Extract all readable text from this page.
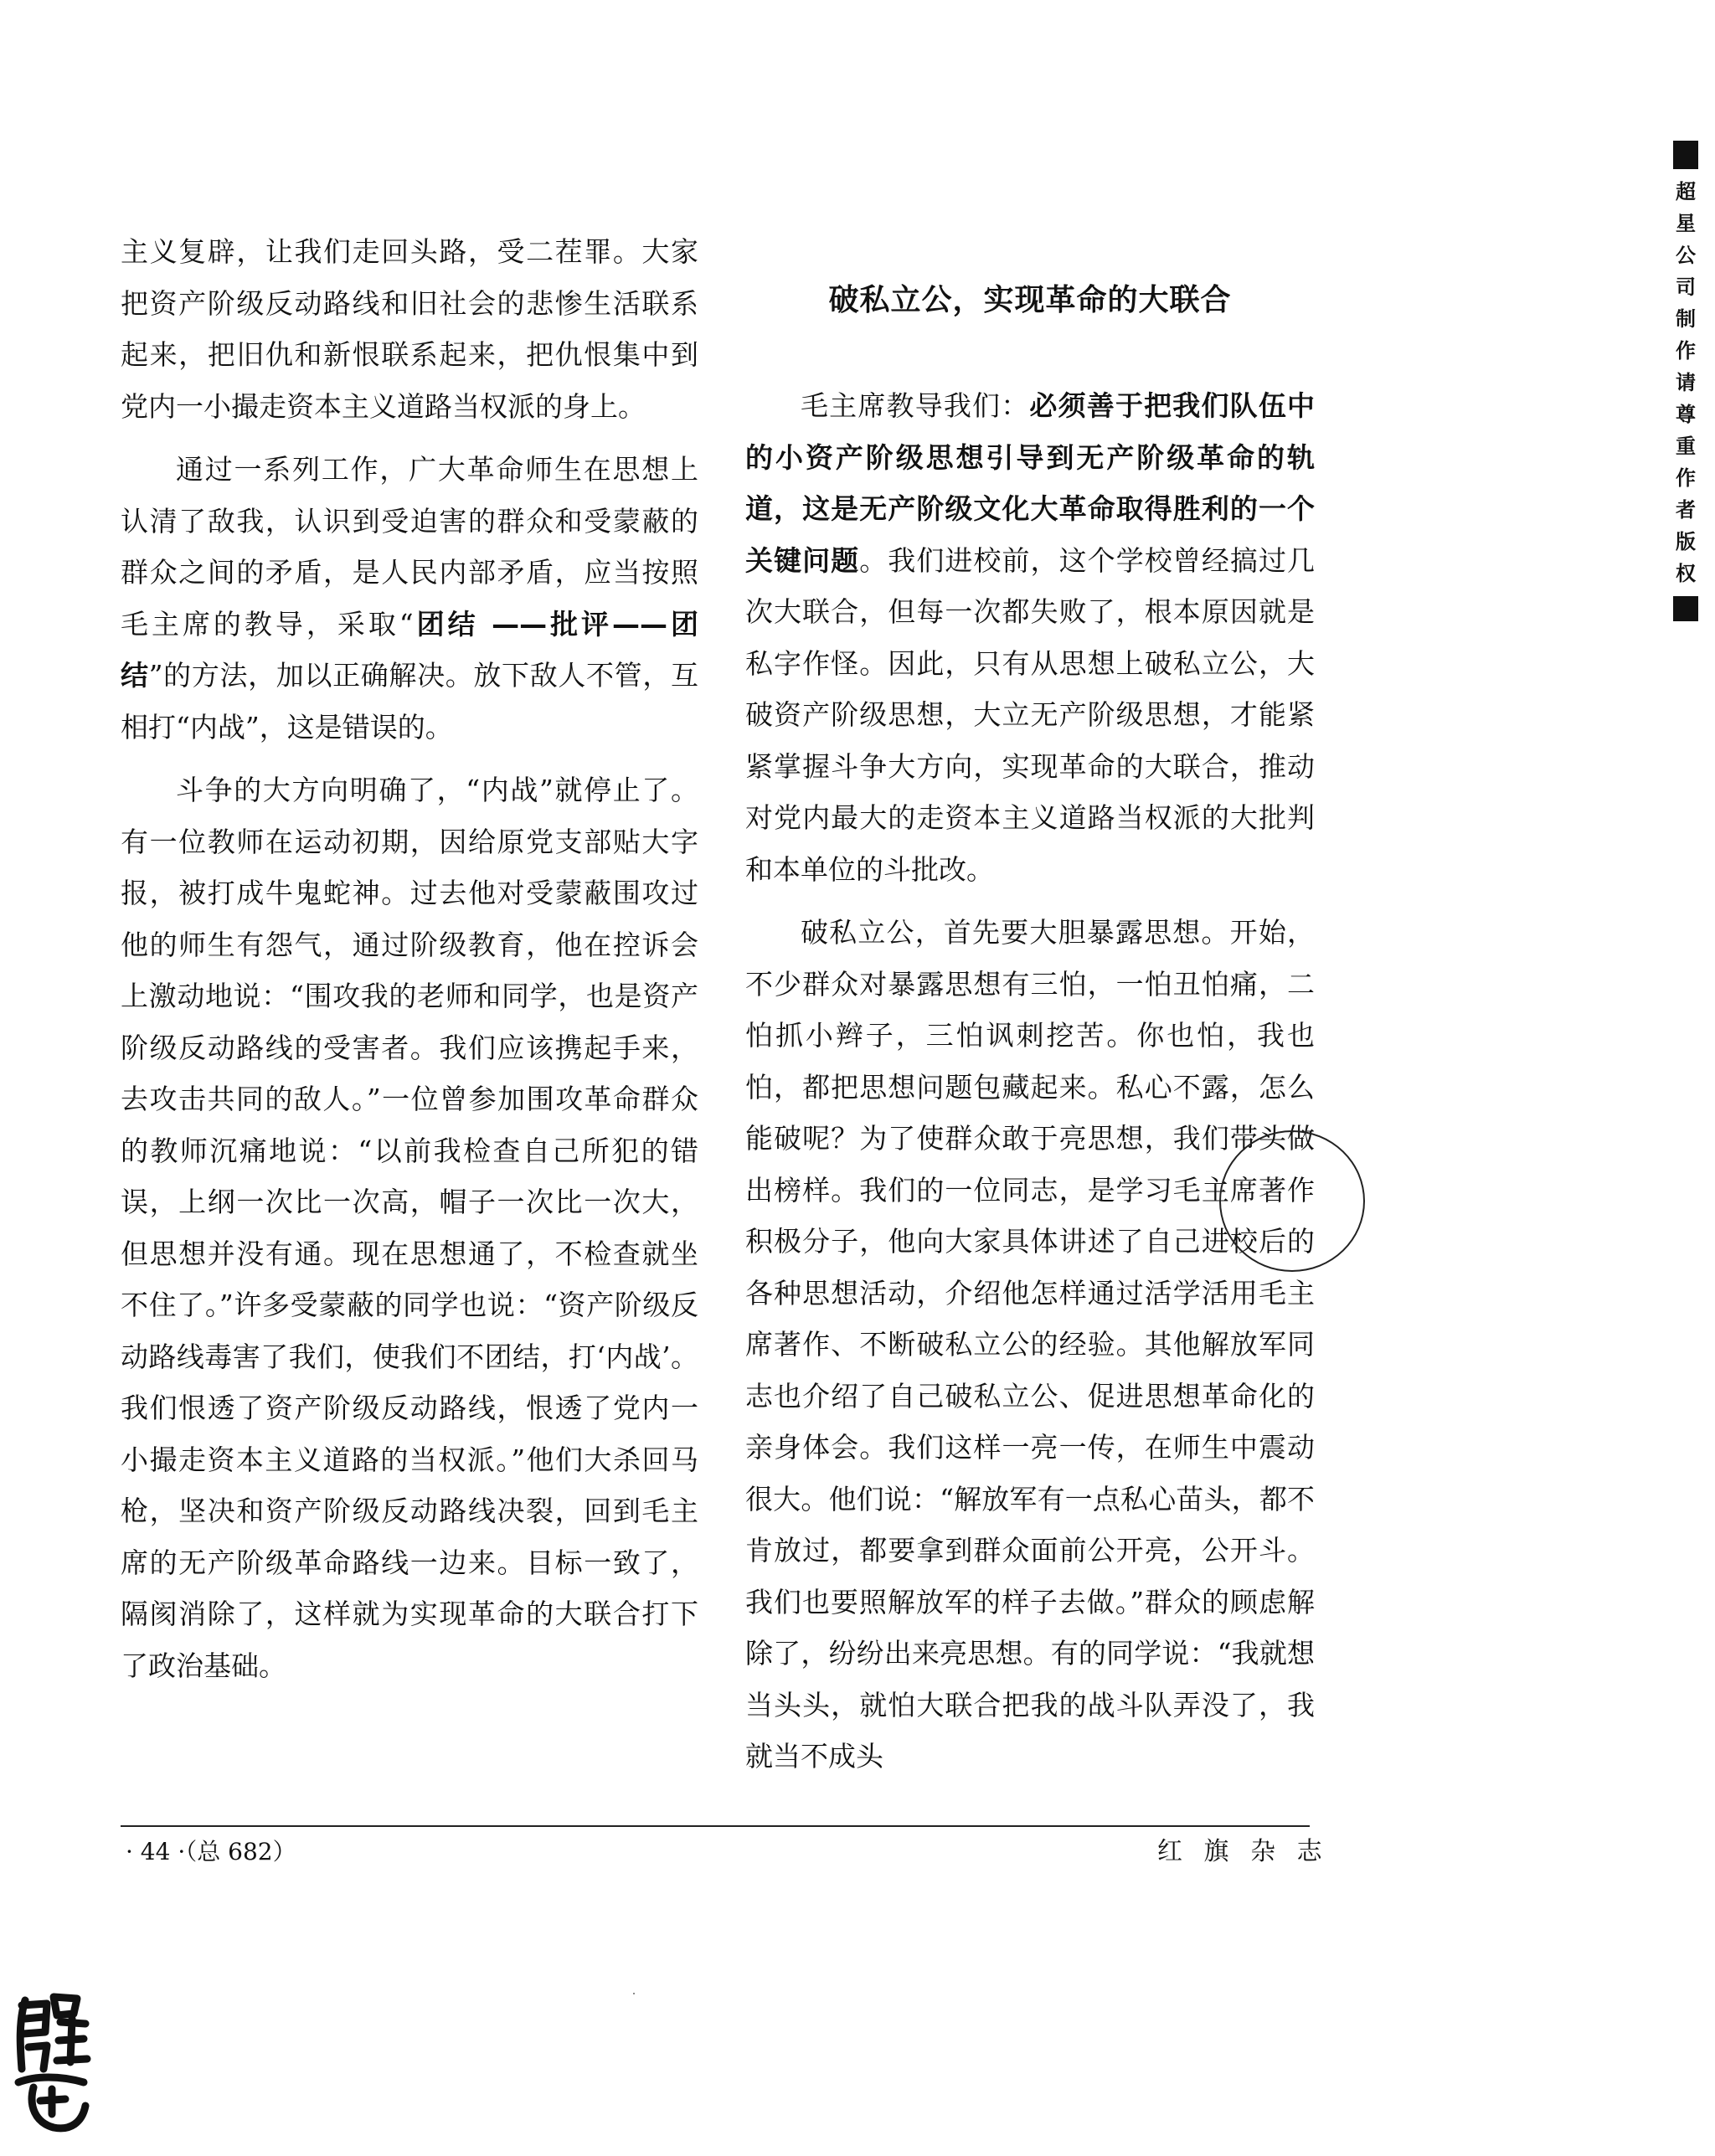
主义复辟，让我们走回头路，受二茬罪。大家把资产阶级反动路线和旧社会的悲惨生活联系起来，把旧仇和新恨联系起来，把仇恨集中到党内一小撮走资本主义道路当权派的身上。

通过一系列工作，广大革命师生在思想上认清了敌我，认识到受迫害的群众和受蒙蔽的群众之间的矛盾，是人民内部矛盾，应当按照毛主席的教导，采取“团结 ——批评——团结”的方法，加以正确解决。放下敌人不管，互相打“内战”，这是错误的。

斗争的大方向明确了，“内战”就停止了。有一位教师在运动初期，因给原党支部贴大字报，被打成牛鬼蛇神。过去他对受蒙蔽围攻过他的师生有怨气，通过阶级教育，他在控诉会上激动地说：“围攻我的老师和同学，也是资产阶级反动路线的受害者。我们应该携起手来，去攻击共同的敌人。”一位曾参加围攻革命群众的教师沉痛地说：“以前我检查自己所犯的错误，上纲一次比一次高，帽子一次比一次大，但思想并没有通。现在思想通了，不检查就坐不住了。”许多受蒙蔽的同学也说：“资产阶级反动路线毒害了我们，使我们不团结，打‘内战’。我们恨透了资产阶级反动路线，恨透了党内一小撮走资本主义道路的当权派。”他们大杀回马枪，坚决和资产阶级反动路线决裂，回到毛主席的无产阶级革命路线一边来。目标一致了，隔阂消除了，这样就为实现革命的大联合打下了政治基础。

破私立公，实现革命的大联合

毛主席教导我们：必须善于把我们队伍中的小资产阶级思想引导到无产阶级革命的轨道，这是无产阶级文化大革命取得胜利的一个关键问题。我们进校前，这个学校曾经搞过几次大联合，但每一次都失败了，根本原因就是私字作怪。因此，只有从思想上破私立公，大破资产阶级思想，大立无产阶级思想，才能紧紧掌握斗争大方向，实现革命的大联合，推动对党内最大的走资本主义道路当权派的大批判和本单位的斗批改。

破私立公，首先要大胆暴露思想。开始，不少群众对暴露思想有三怕，一怕丑怕痛，二怕抓小辫子，三怕讽刺挖苦。你也怕，我也怕，都把思想问题包藏起来。私心不露，怎么能破呢？为了使群众敢于亮思想，我们带头做出榜样。我们的一位同志，是学习毛主席著作积极分子，他向大家具体讲述了自己进校后的各种思想活动，介绍他怎样通过活学活用毛主席著作、不断破私立公的经验。其他解放军同志也介绍了自己破私立公、促进思想革命化的亲身体会。我们这样一亮一传，在师生中震动很大。他们说：“解放军有一点私心苗头，都不肯放过，都要拿到群众面前公开亮，公开斗。我们也要照解放军的样子去做。”群众的顾虑解除了，纷纷出来亮思想。有的同学说：“我就想当头头，就怕大联合把我的战斗队弄没了，我就当不成头

· 44 ·（总 682）	红 旗 杂 志
超
星
公
司
制
作
请
尊
重
作
者
版
权
